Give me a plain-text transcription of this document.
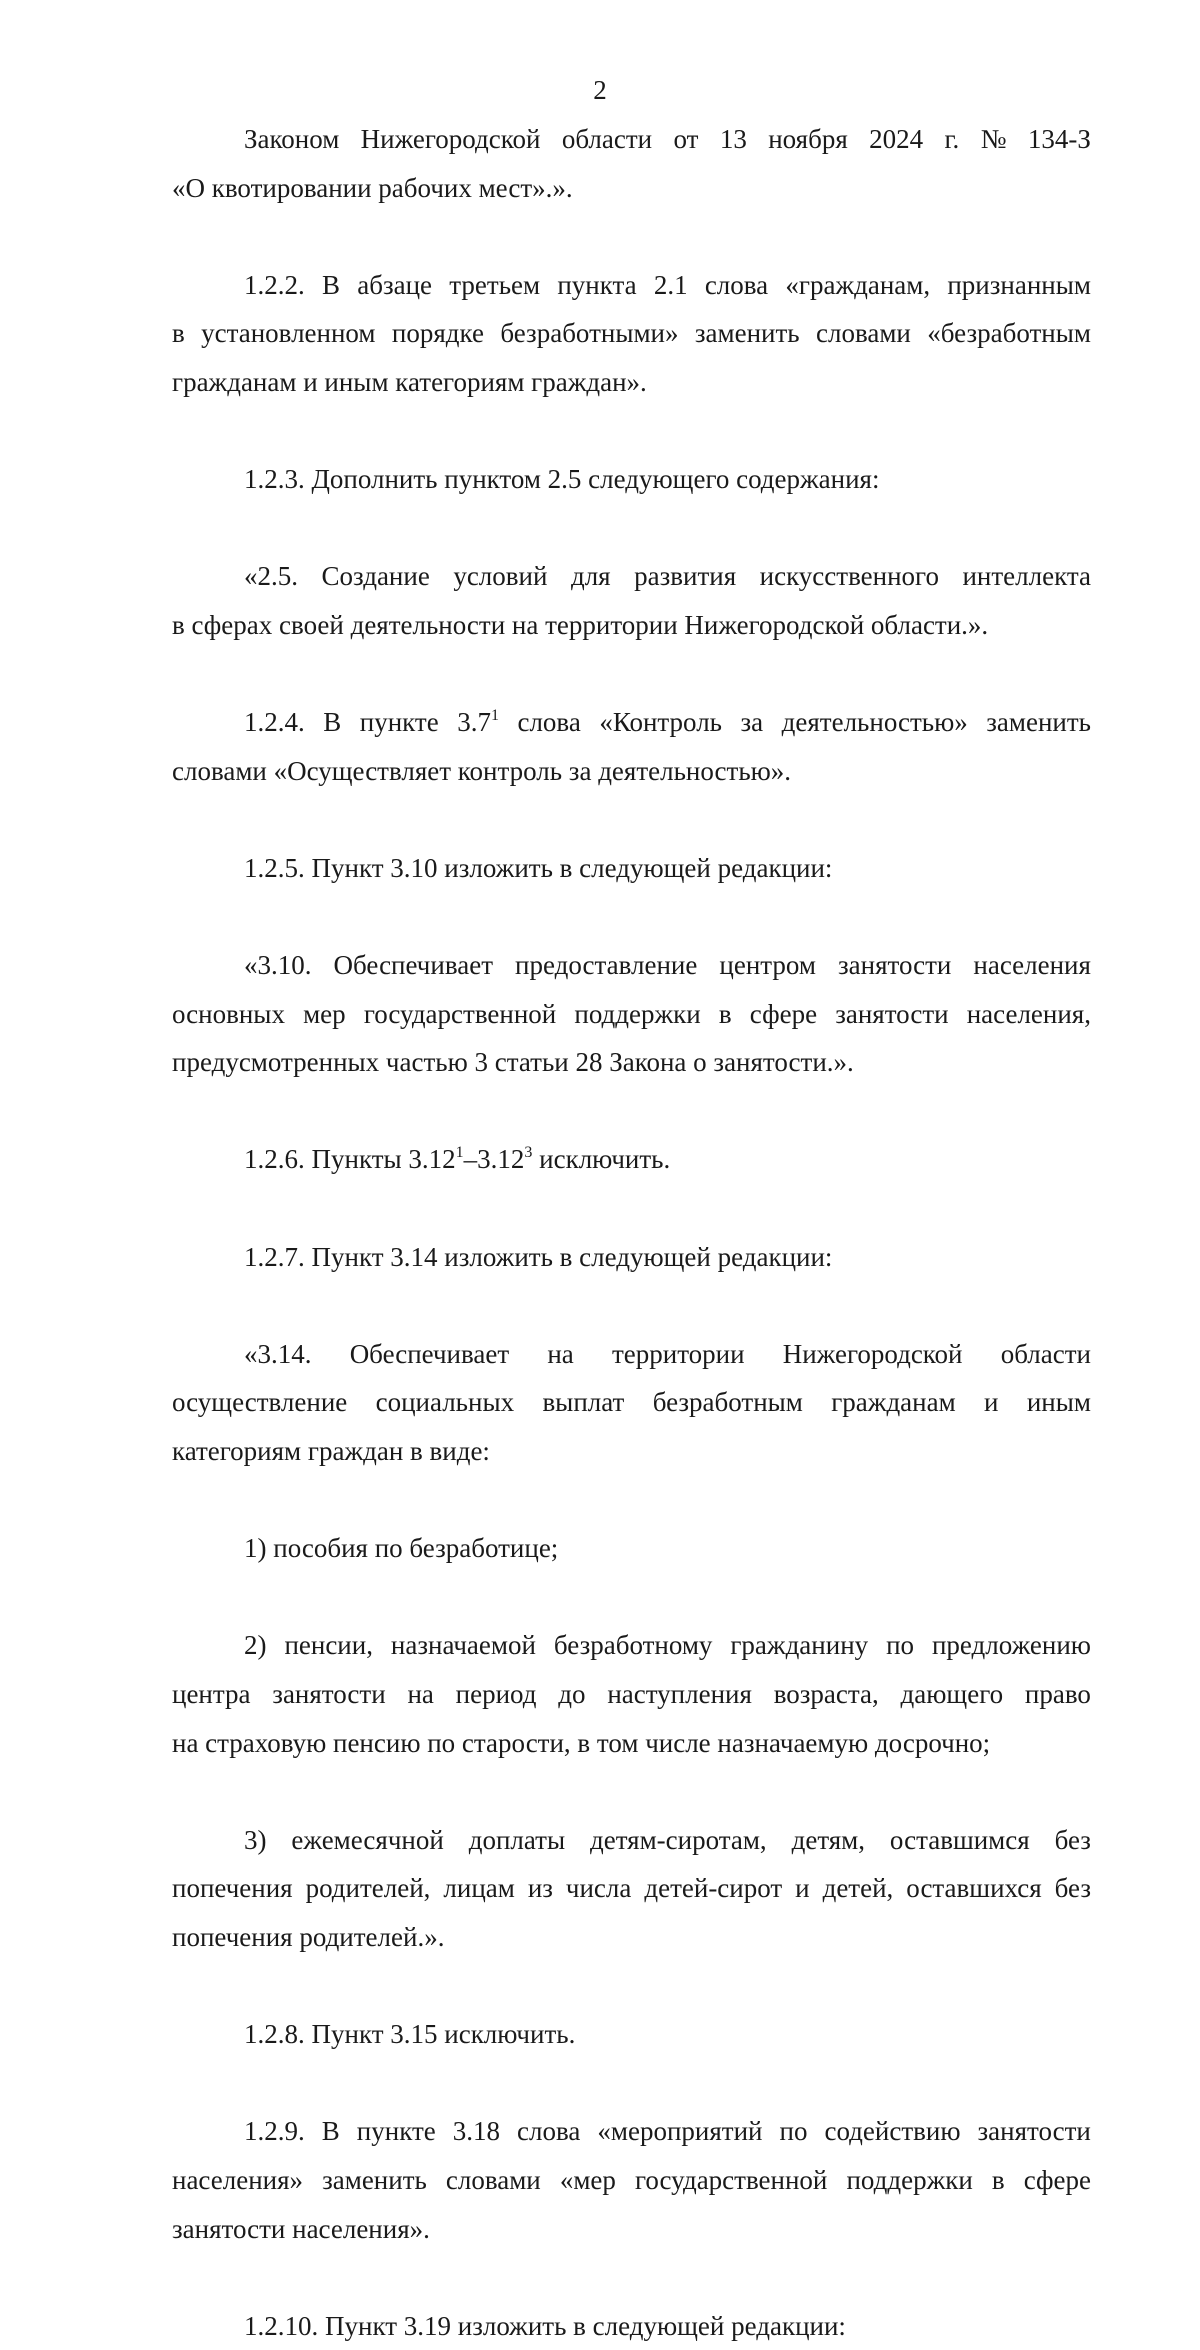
2
Законом Нижегородской области от 13 ноября 2024 г. № 134-З
«О квотировании рабочих мест».».
1.2.2. В абзаце третьем пункта 2.1 слова «гражданам, признанным
в установленном порядке безработными» заменить словами «безработным
гражданам и иным категориям граждан».
1.2.3. Дополнить пунктом 2.5 следующего содержания:
«2.5. Создание условий для развития искусственного интеллекта
в сферах своей деятельности на территории Нижегородской области.».
1.2.4. В пункте $3.7^1$ слова «Контроль за деятельностью» заменить
словами «Осуществляет контроль за деятельностью».
1.2.5. Пункт 3.10 изложить в следующей редакции:
«3.10. Обеспечивает предоставление центром занятости населения
основных мер государственной поддержки в сфере занятости населения,
предусмотренных частью 3 статьи 28 Закона о занятости.».
1.2.6. Пункты 3.12$^1$–3.12$^3$ исключить.
1.2.7. Пункт 3.14 изложить в следующей редакции:
«3.14. Обеспечивает на территории Нижегородской области
осуществление социальных выплат безработным гражданам и иным
категориям граждан в виде:
1) пособия по безработице;
2) пенсии, назначаемой безработному гражданину по предложению
центра занятости на период до наступления возраста, дающего право
на страховую пенсию по старости, в том числе назначаемую досрочно;
3) ежемесячной доплаты детям-сиротам, детям, оставшимся без
попечения родителей, лицам из числа детей-сирот и детей, оставшихся без
попечения родителей.».
1.2.8. Пункт 3.15 исключить.
1.2.9. В пункте 3.18 слова «мероприятий по содействию занятости
населения» заменить словами «мер государственной поддержки в сфере
занятости населения».
1.2.10. Пункт 3.19 изложить в следующей редакции:
